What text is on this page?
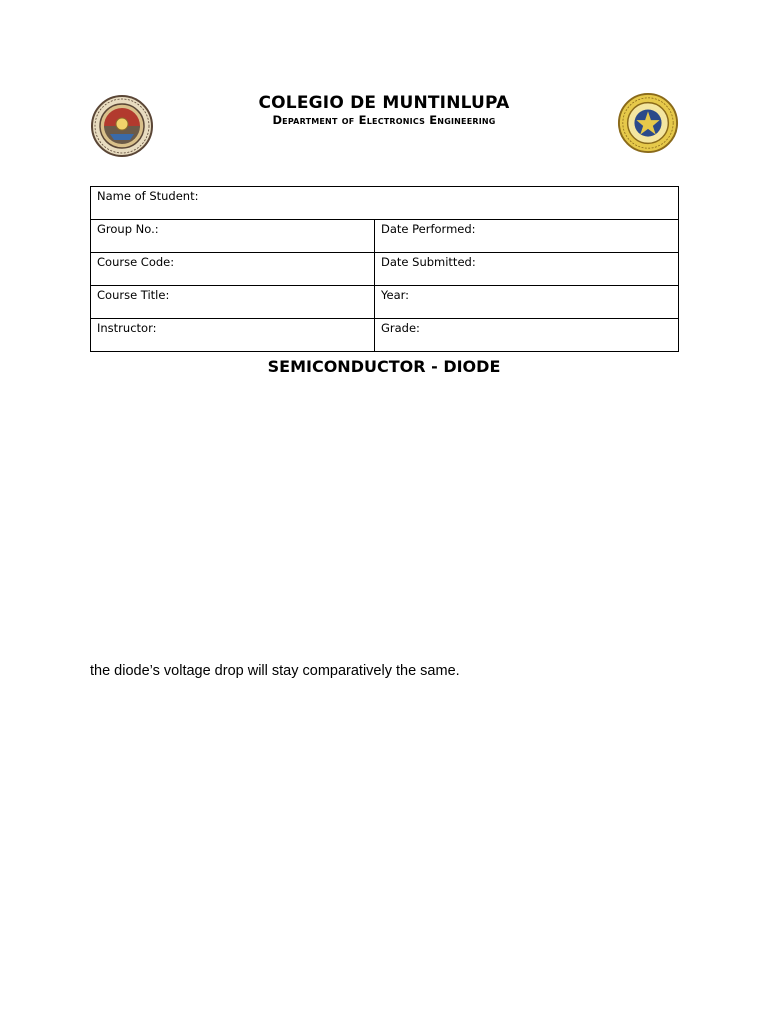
COLEGIO DE MUNTINLUPA
Department of Electronics Engineering
Name of Student:	
Group No.:	Date Performed:
Course Code:	Date Submitted:
Course Title:	Year:
Instructor:	Grade:
SEMICONDUCTOR - DIODE
the diode’s voltage drop will stay comparatively the same.
